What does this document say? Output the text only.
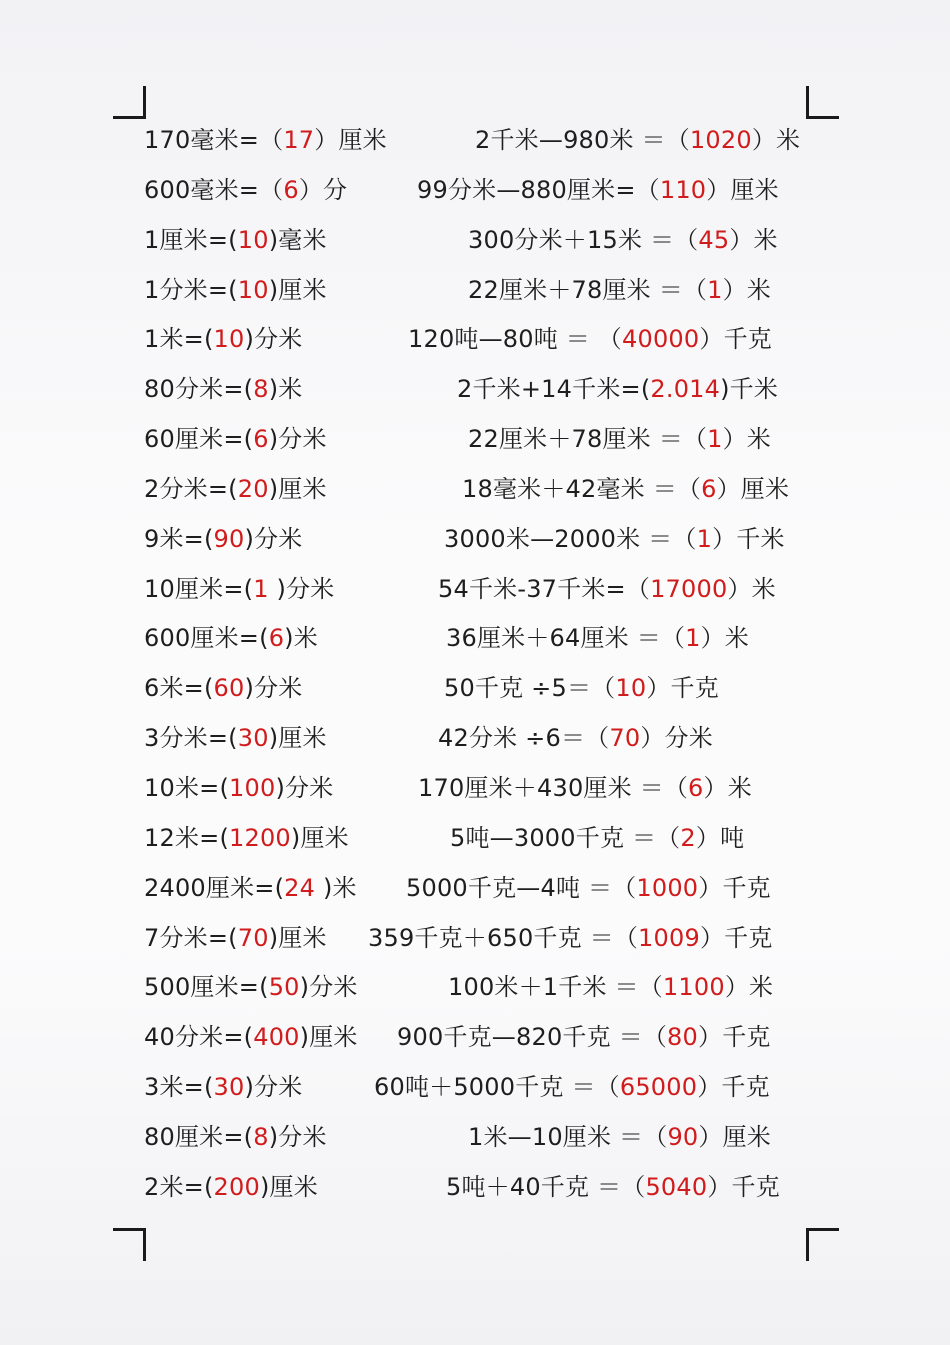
170毫米=（17）厘米	2千米—980米 ＝（1020）米
600毫米=（6）分	99分米—880厘米=（110）厘米
1厘米=(10)毫米	300分米＋15米 ＝（45）米
1分米=(10)厘米	22厘米＋78厘米 ＝（1）米
1米=(10)分米	120吨—80吨 ＝ （40000）千克
80分米=(8)米	2千米+14千米=(2.014)千米
60厘米=(6)分米	22厘米＋78厘米 ＝（1）米
2分米=(20)厘米	18毫米＋42毫米 ＝（6）厘米
9米=(90)分米	3000米—2000米 ＝（1）千米
10厘米=(1 )分米	54千米-37千米=（17000）米
600厘米=(6)米	36厘米＋64厘米 ＝（1）米
6米=(60)分米	50千克 ÷5＝（10）千克
3分米=(30)厘米	42分米 ÷6＝（70）分米
10米=(100)分米	170厘米＋430厘米 ＝（6）米
12米=(1200)厘米	5吨—3000千克 ＝（2）吨
2400厘米=(24 )米 5000千克—4吨 ＝（1000）千克
7分米=(70)厘米 359千克＋650千克 ＝（1009）千克
500厘米=(50)分米	100米＋1千米 ＝（1100）米
40分米=(400)厘米 900千克—820千克 ＝（80）千克
3米=(30)分米	60吨＋5000千克 ＝（65000）千克
80厘米=(8)分米	1米—10厘米 ＝（90）厘米
2米=(200)厘米	5吨＋40千克 ＝（5040）千克
